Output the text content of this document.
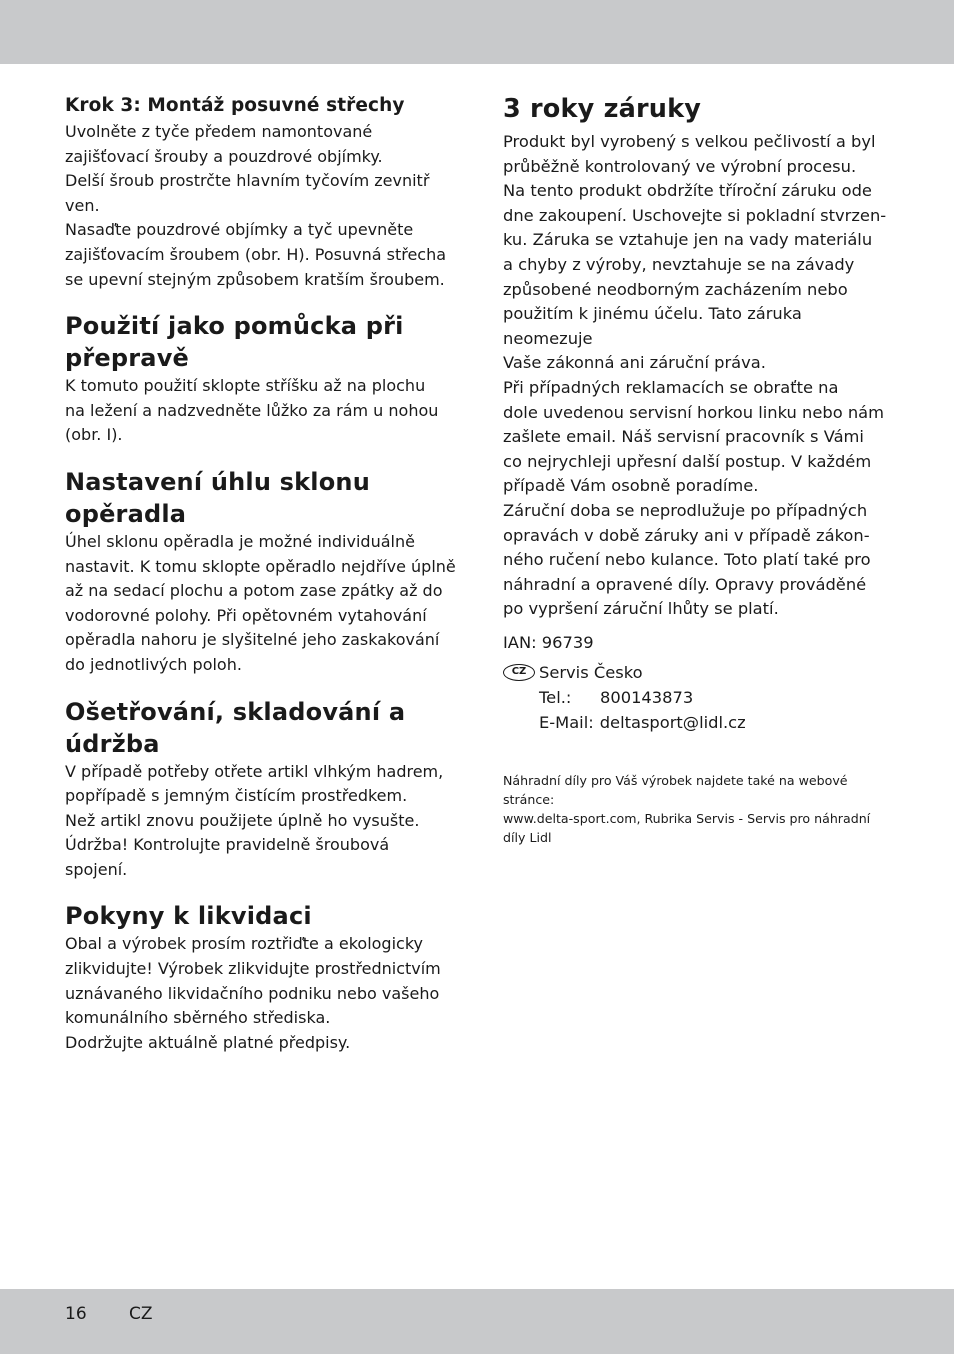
Krok 3: Montáž posuvné střechy

Uvolněte z tyče předem namontované
zajišťovací šrouby a pouzdrové objímky.
Delší šroub prostrčte hlavním tyčovím zevnitř ven.
Nasaďte pouzdrové objímky a tyč upevněte
zajišťovacím šroubem (obr. H). Posuvná střecha
se upevní stejným způsobem kratším šroubem.

Použití jako pomůcka při
přepravě

K tomuto použití sklopte stříšku až na plochu
na ležení a nadzvedněte lůžko za rám u nohou
(obr. I).

Nastavení úhlu sklonu
opěradla

Úhel sklonu opěradla je možné individuálně
nastavit. K tomu sklopte opěradlo nejdříve úplně
až na sedací plochu a potom zase zpátky až do
vodorovné polohy. Při opětovném vytahování
opěradla nahoru je slyšitelné jeho zaskakování
do jednotlivých poloh.

Ošetřování, skladování a
údržba

V případě potřeby otřete artikl vlhkým hadrem,
popřípadě s jemným čistícím prostředkem.
Než artikl znovu použijete úplně ho vysušte.
Údržba! Kontrolujte pravidelně šroubová
spojení.

Pokyny k likvidaci

Obal a výrobek prosím roztřiďte a ekologicky
zlikvidujte! Výrobek zlikvidujte prostřednictvím
uznávaného likvidačního podniku nebo vašeho
komunálního sběrného střediska.
Dodržujte aktuálně platné předpisy.

3 roky záruky

Produkt byl vyrobený s velkou pečlivostí a byl
průběžně kontrolovaný ve výrobní procesu.
Na tento produkt obdržíte tříroční záruku ode
dne zakoupení. Uschovejte si pokladní stvrzen-
ku. Záruka se vztahuje jen na vady materiálu
a chyby z výroby, nevztahuje se na závady
způsobené neodborným zacházením nebo
použitím k jinému účelu. Tato záruka neomezuje
Vaše zákonná ani záruční práva.
Při případných reklamacích se obraťte na
dole uvedenou servisní horkou linku nebo nám
zašlete email. Náš servisní pracovník s Vámi
co nejrychleji upřesní další postup. V každém
případě Vám osobně poradíme.
Záruční doba se neprodlužuje po případných
opravách v době záruky ani v případě zákon-
ného ručení nebo kulance. Toto platí také pro
náhradní a opravené díly. Opravy prováděné
po vypršení záruční lhůty se platí.

IAN: 96739

CZ Servis Česko
Tel.:	800143873
E-Mail: deltasport@lidl.cz

Náhradní díly pro Váš výrobek najdete také na webové
stránce:
www.delta-sport.com, Rubrika Servis - Servis pro náhradní
díly Lidl

16 CZ
